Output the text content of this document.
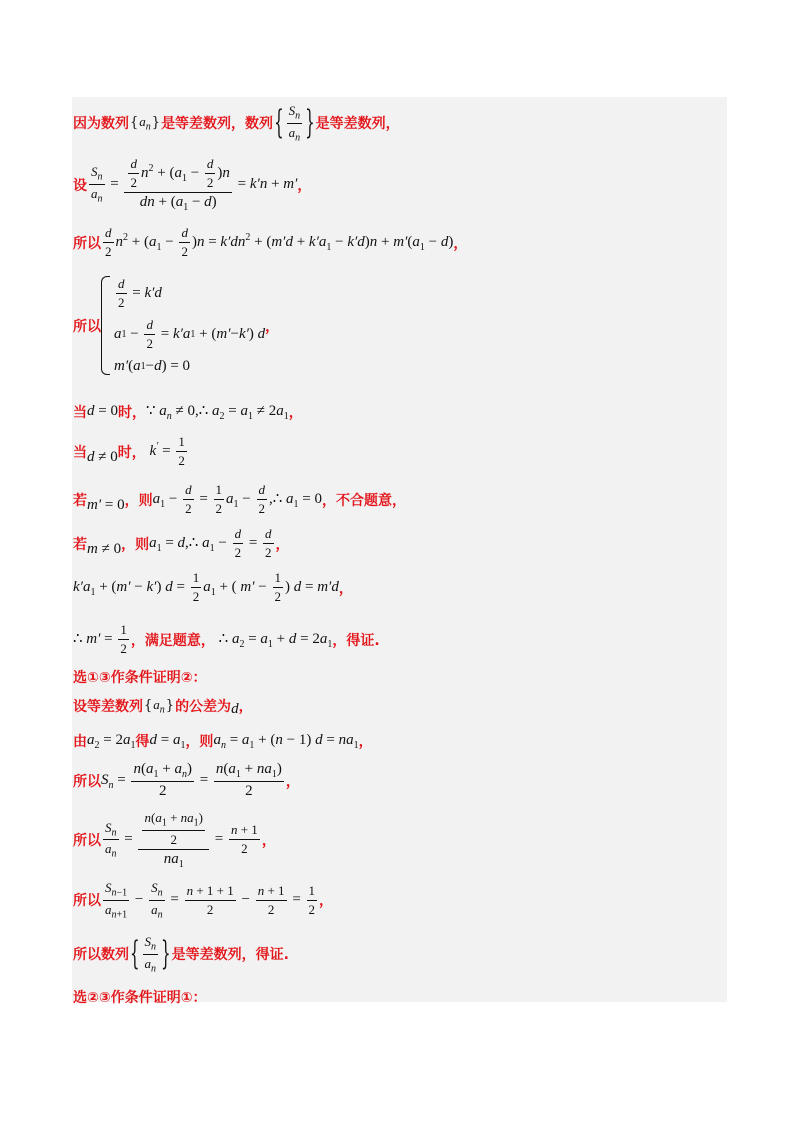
因为数列 $\{a_n\}$ 是等差数列，数列 { $\frac{S_n}{a_n}$ } 是等差数列，
设 $\frac{S_n}{a_n} = \frac{\frac{d}{2} n^2 + (a_1 - \frac{d}{2} )n}{dn + (a_1 - d)} = k'n + m'$ ，
所以 $\frac{d}{2} n^2 + (a_1 - \frac{d}{2} )n = k'dn^2 + (m'd + k'a_1 - k'd)n + m'(a_1 - d)$ ，
所以
$\frac{d}{2} = k'd$
a $1 - \frac{d}{2} = k'a$ 1 + ( m′ − k′ ) d
m′ ( a 1 − d ) = 0
，
当 d = 0 时， ∵ $a_n$ ≠ 0,∴ $a_2 = a_1 \ne 2a_1$ ，
当 d ≠ 0 时， $k' = \frac{1}{2}$
若 m′ = 0 ，则 $a_1 - \frac{d}{2} = \frac{1}{2} a_1 - \frac{d}{2}$ ,∴ $a_1 = 0$ ，不合题意，
若 m ≠ 0 ，则 $a_1$ = d,∴ $a_1 - \frac{d}{2} = \frac{d}{2}$ ，
$k'a_1 + (m' - k') d = \frac{1}{2} a_1$ + ( $m' - \frac{1}{2}$ ) d = m′d ，
∴ $m' = \frac{1}{2}$ ，满足题意， ∴ $a_2 = a_1 + d = 2a_1$ ，得证.
选①③作条件证明②：
设等差数列 $\{a_n\}$ 的公差为 d ，
由 $a_2 = 2a_1$ 得 $d = a_1$ ，则 $a_n = a_1 + (n - 1) d = na_1$ ，
所以 $S_n = \frac{n(a_1 + a_n)}{2} = \frac{n(a_1 + na_1)}{2}$ ，
所以 $\frac{S_n}{a_n} = \frac{\frac{n(a_1 + na_1)}{2}}{na_1} = \frac{n + 1}{2}$ ，
所以 $\frac{S_{n-1}}{a_{n+1}} - \frac{S_n}{a_n} = \frac{n + 1 + 1}{2} - \frac{n + 1}{2} = \frac{1}{2}$ ，
所以数列 { $\frac{S_n}{a_n}$ } 是等差数列，得证.
选②③作条件证明①：
